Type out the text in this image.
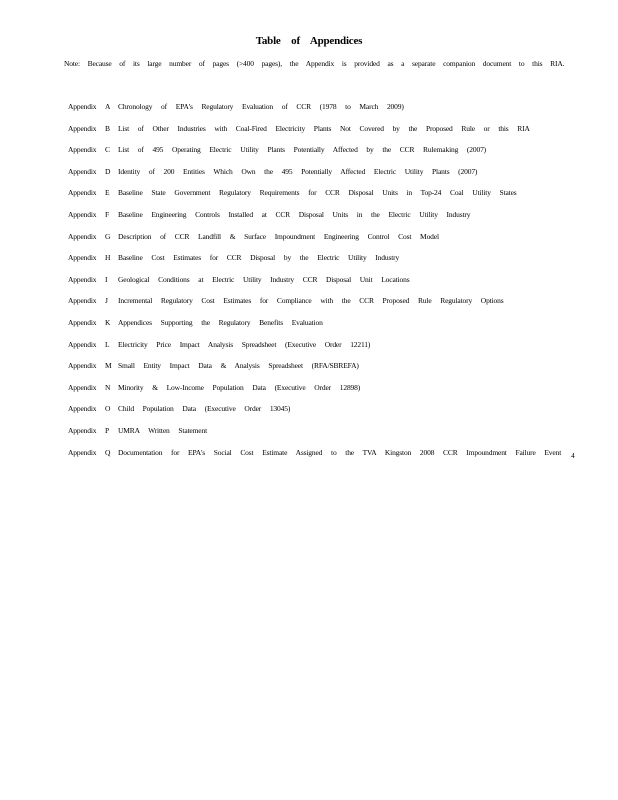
Table of Appendices
Note: Because of its large number of pages (>400 pages), the Appendix is provided as a separate companion document to this RIA.
Appendix A Chronology of EPA's Regulatory Evaluation of CCR (1978 to March 2009)
Appendix B List of Other Industries with Coal-Fired Electricity Plants Not Covered by the Proposed Rule or this RIA
Appendix C List of 495 Operating Electric Utility Plants Potentially Affected by the CCR Rulemaking (2007)
Appendix D Identity of 200 Entities Which Own the 495 Potentially Affected Electric Utility Plants (2007)
Appendix E Baseline State Government Regulatory Requirements for CCR Disposal Units in Top-24 Coal Utility States
Appendix F Baseline Engineering Controls Installed at CCR Disposal Units in the Electric Utility Industry
Appendix G Description of CCR Landfill & Surface Impoundment Engineering Control Cost Model
Appendix H Baseline Cost Estimates for CCR Disposal by the Electric Utility Industry
Appendix I Geological Conditions at Electric Utility Industry CCR Disposal Unit Locations
Appendix J Incremental Regulatory Cost Estimates for Compliance with the CCR Proposed Rule Regulatory Options
Appendix K Appendices Supporting the Regulatory Benefits Evaluation
Appendix L Electricity Price Impact Analysis Spreadsheet (Executive Order 12211)
Appendix M Small Entity Impact Data & Analysis Spreadsheet (RFA/SBREFA)
Appendix N Minority & Low-Income Population Data (Executive Order 12898)
Appendix O Child Population Data (Executive Order 13045)
Appendix P UMRA Written Statement
Appendix Q Documentation for EPA's Social Cost Estimate Assigned to the TVA Kingston 2008 CCR Impoundment Failure Event 4
